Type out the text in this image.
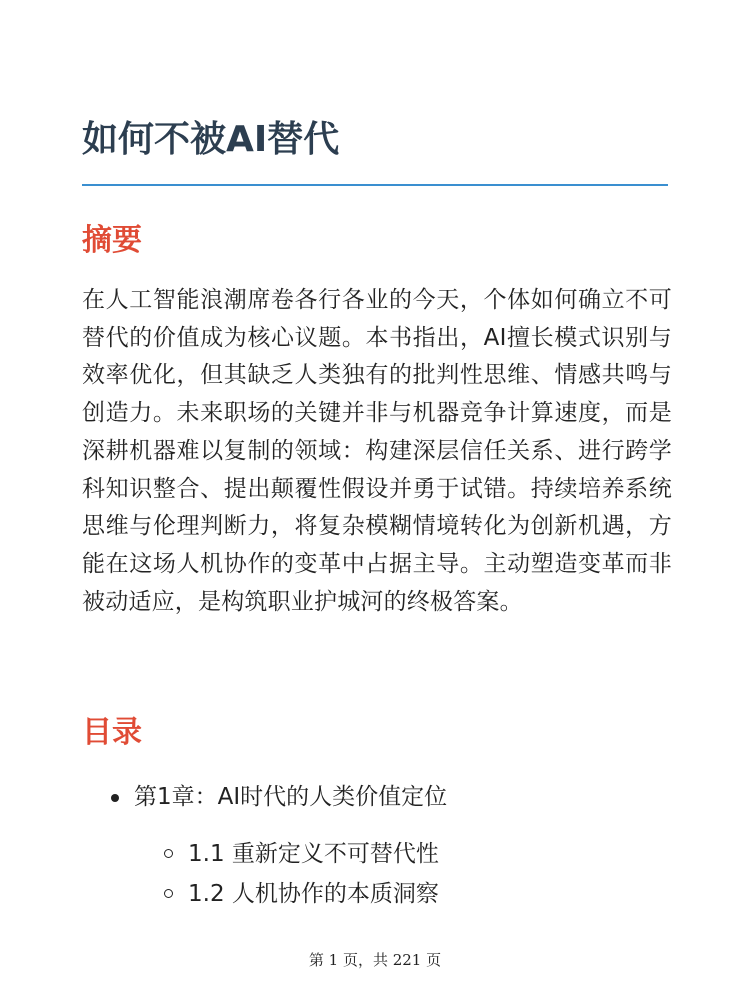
如何不被AI替代
摘要

在人工智能浪潮席卷各行各业的今天，个体如何确立不可替代的价值成为核心议题。本书指出，AI擅长模式识别与效率优化，但其缺乏人类独有的批判性思维、情感共鸣与创造力。未来职场的关键并非与机器竞争计算速度，而是深耕机器难以复制的领域：构建深层信任关系、进行跨学科知识整合、提出颠覆性假设并勇于试错。持续培养系统思维与伦理判断力，将复杂模糊情境转化为创新机遇，方能在这场人机协作的变革中占据主导。主动塑造变革而非被动适应，是构筑职业护城河的终极答案。

目录
第1章：AI时代的人类价值定位
1.1 重新定义不可替代性
1.2 人机协作的本质洞察
第 1 页，共 221 页
